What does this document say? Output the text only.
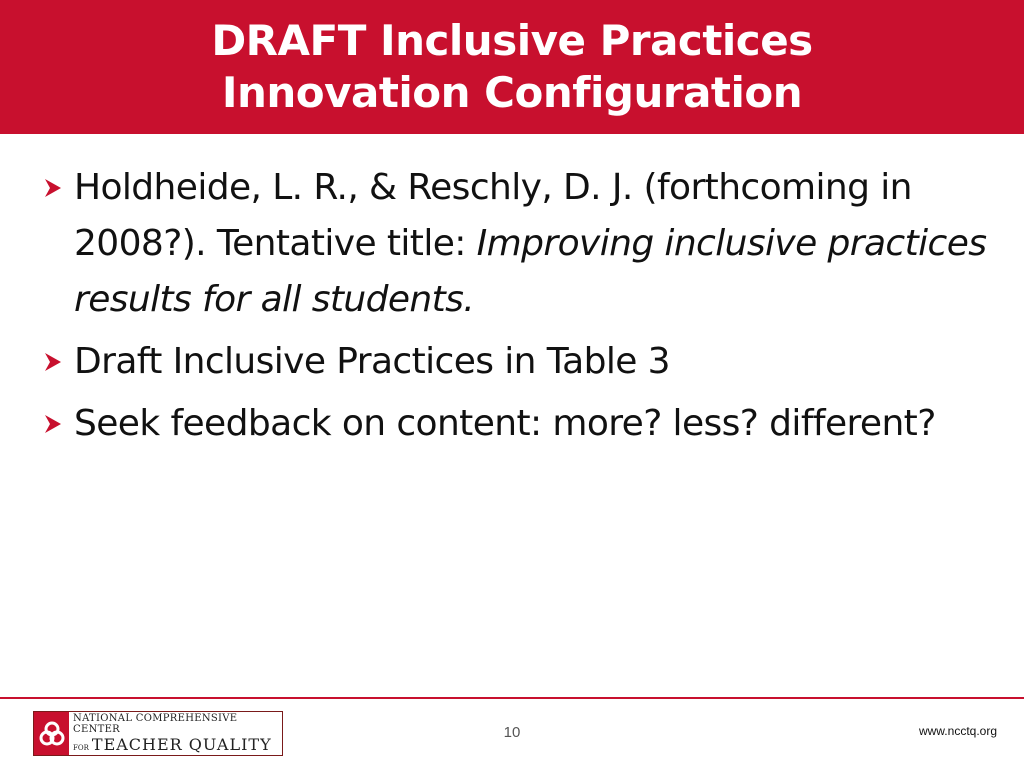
DRAFT Inclusive Practices
Innovation Configuration
Holdheide, L. R., & Reschly, D. J. (forthcoming in 2008?). Tentative title: Improving inclusive practices results for all students.
Draft Inclusive Practices in Table 3
Seek feedback on content: more? less? different?
NATIONAL COMPREHENSIVE CENTER
FOR TEACHER QUALITY
10	www.ncctq.org
